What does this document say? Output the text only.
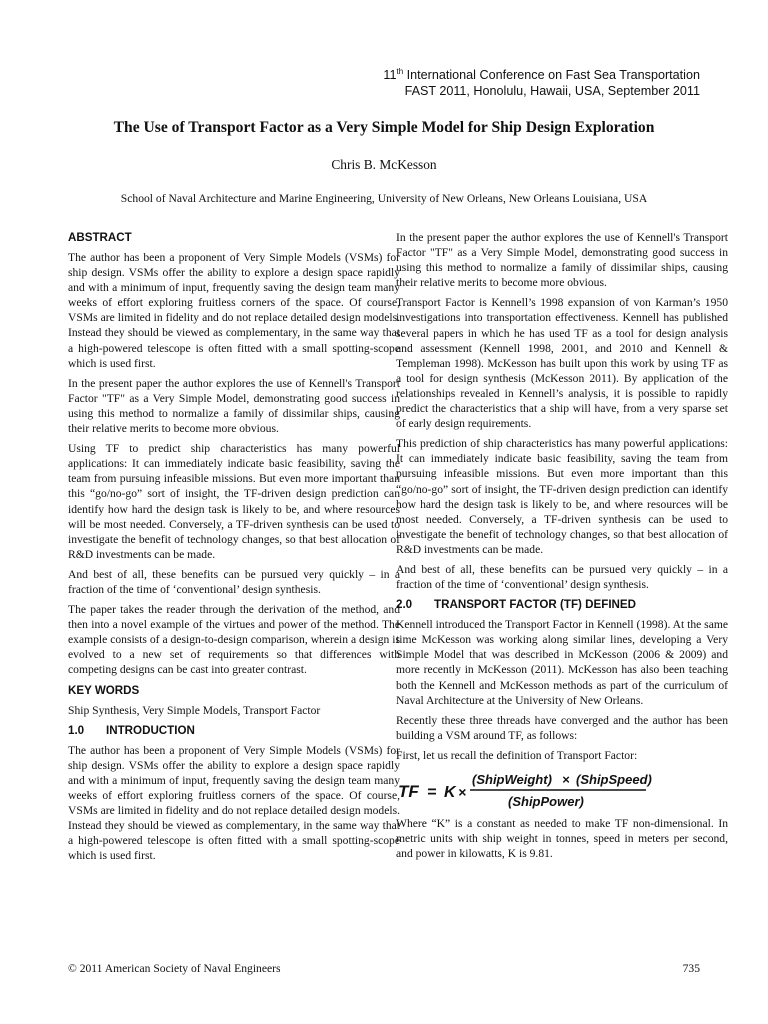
11th International Conference on Fast Sea Transportation
FAST 2011, Honolulu, Hawaii, USA, September 2011
The Use of Transport Factor as a Very Simple Model for Ship Design Exploration
Chris B. McKesson
School of Naval Architecture and Marine Engineering, University of New Orleans, New Orleans Louisiana, USA
ABSTRACT

The author has been a proponent of Very Simple Models (VSMs) for ship design. VSMs offer the ability to explore a design space rapidly and with a minimum of input, frequently saving the design team many weeks of effort exploring fruitless corners of the space. Of course, VSMs are limited in fidelity and do not replace detailed design models. Instead they should be viewed as complementary, in the same way that a high-powered telescope is often fitted with a small spotting-scope which is used first.

In the present paper the author explores the use of Kennell's Transport Factor "TF" as a Very Simple Model, demonstrating good success in using this method to normalize a family of dissimilar ships, causing their relative merits to become more obvious.

Using TF to predict ship characteristics has many powerful applications: It can immediately indicate basic feasibility, saving the team from pursuing infeasible missions. But even more important than this “go/no-go” sort of insight, the TF-driven design prediction can identify how hard the design task is likely to be, and where resources will be most needed. Conversely, a TF-driven synthesis can be used to investigate the benefit of technology changes, so that best allocation of R&D investments can be made.

And best of all, these benefits can be pursued very quickly – in a fraction of the time of ‘conventional’ design synthesis.

The paper takes the reader through the derivation of the method, and then into a novel example of the virtues and power of the method. The example consists of a design-to-design comparison, wherein a design is evolved to a new set of requirements so that differences with competing designs can be cast into greater contrast.

KEY WORDS

Ship Synthesis, Very Simple Models, Transport Factor

1.0 INTRODUCTION

The author has been a proponent of Very Simple Models (VSMs) for ship design. VSMs offer the ability to explore a design space rapidly and with a minimum of input, frequently saving the design team many weeks of effort exploring fruitless corners of the space. Of course, VSMs are limited in fidelity and do not replace detailed design models. Instead they should be viewed as complementary, in the same way that a high-powered telescope is often fitted with a small spotting-scope which is used first.

In the present paper the author explores the use of Kennell's Transport Factor "TF" as a Very Simple Model, demonstrating good success in using this method to normalize a family of dissimilar ships, causing their relative merits to become more obvious.

Transport Factor is Kennell’s 1998 expansion of von Karman’s 1950 investigations into transportation effectiveness. Kennell has published several papers in which he has used TF as a tool for design analysis and assessment (Kennell 1998, 2001, and 2010 and Kennell & Templeman 1998). McKesson has built upon this work by using TF as a tool for design synthesis (McKesson 2011). By application of the relationships revealed in Kennell’s analysis, it is possible to rapidly predict the characteristics that a ship will have, from a very sparse set of early design requirements.

This prediction of ship characteristics has many powerful applications: It can immediately indicate basic feasibility, saving the team from pursuing infeasible missions. But even more important than this “go/no-go” sort of insight, the TF-driven design prediction can identify how hard the design task is likely to be, and where resources will be most needed. Conversely, a TF-driven synthesis can be used to investigate the benefit of technology changes, so that best allocation of R&D investments can be made.

And best of all, these benefits can be pursued very quickly – in a fraction of the time of ‘conventional’ design synthesis.

2.0 TRANSPORT FACTOR (TF) DEFINED

Kennell introduced the Transport Factor in Kennell (1998). At the same time McKesson was working along similar lines, developing a Very Simple Model that was described in McKesson (2006 & 2009) and more recently in McKesson (2011). McKesson has also been teaching both the Kennell and McKesson methods as part of the curriculum of Naval Architecture at the University of New Orleans.

Recently these three threads have converged and the author has been building a VSM around TF, as follows:

First, let us recall the definition of Transport Factor:

TF = K ×
(ShipWeight) × (ShipSpeed)
(ShipPower)

Where “K” is a constant as needed to make TF non-dimensional. In metric units with ship weight in tonnes, speed in meters per second, and power in kilowatts, K is 9.81.

© 2011 American Society of Naval Engineers	735
